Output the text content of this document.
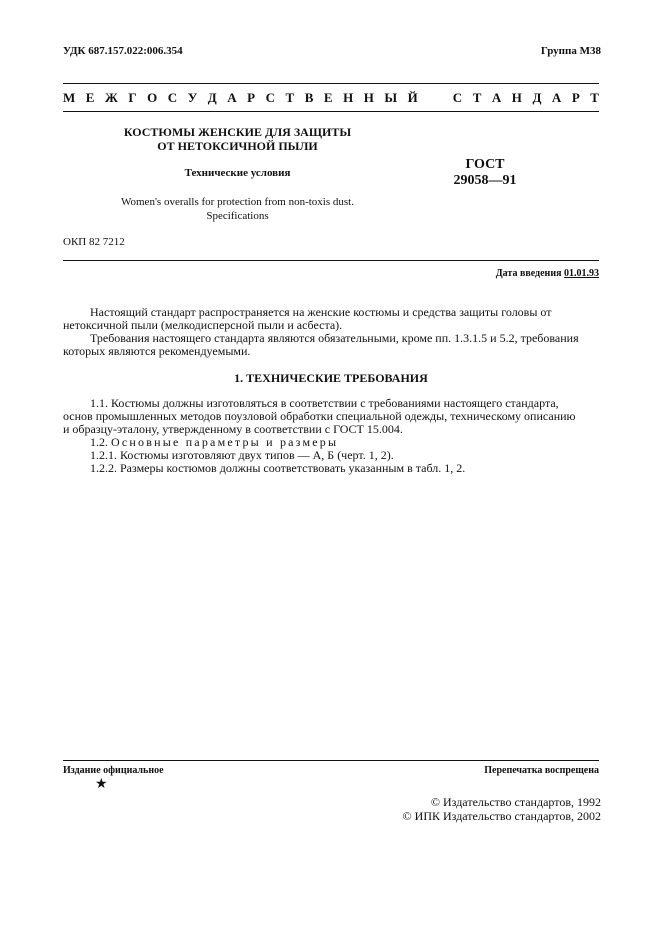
УДК 687.157.022:006.354	Группа М38
М Е Ж Г О С У Д А Р С Т В Е Н Н Ы Й	С Т А Н Д А Р Т
КОСТЮМЫ ЖЕНСКИЕ ДЛЯ ЗАЩИТЫ
ОТ НЕТОКСИЧНОЙ ПЫЛИ
Технические условия
Women's overalls for protection from non-toxis dust.
Specifications
ГОСТ
29058—91
ОКП 82 7212
Дата введения 01.01.93

Настоящий стандарт распространяется на женские костюмы и средства защиты головы от

нетоксичной пыли (мелкодисперсной пыли и асбеста).

Требования настоящего стандарта являются обязательными, кроме пп. 1.3.1.5 и 5.2, требования

которых являются рекомендуемыми.
1. ТЕХНИЧЕСКИЕ ТРЕБОВАНИЯ

1.1. Костюмы должны изготовляться в соответствии с требованиями настоящего стандарта,

основ промышленных методов поузловой обработки специальной одежды, техническому описанию
и образцу-эталону, утвержденному в соответствии с ГОСТ 15.004.

1.2. Основные параметры и размеры

1.2.1. Костюмы изготовляют двух типов — А, Б (черт. 1, 2).

1.2.2. Размеры костюмов должны соответствовать указанным в табл. 1, 2.

Издание официальное	Перепечатка воспрещена
★
© Издательство стандартов, 1992
© ИПК Издательство стандартов, 2002
